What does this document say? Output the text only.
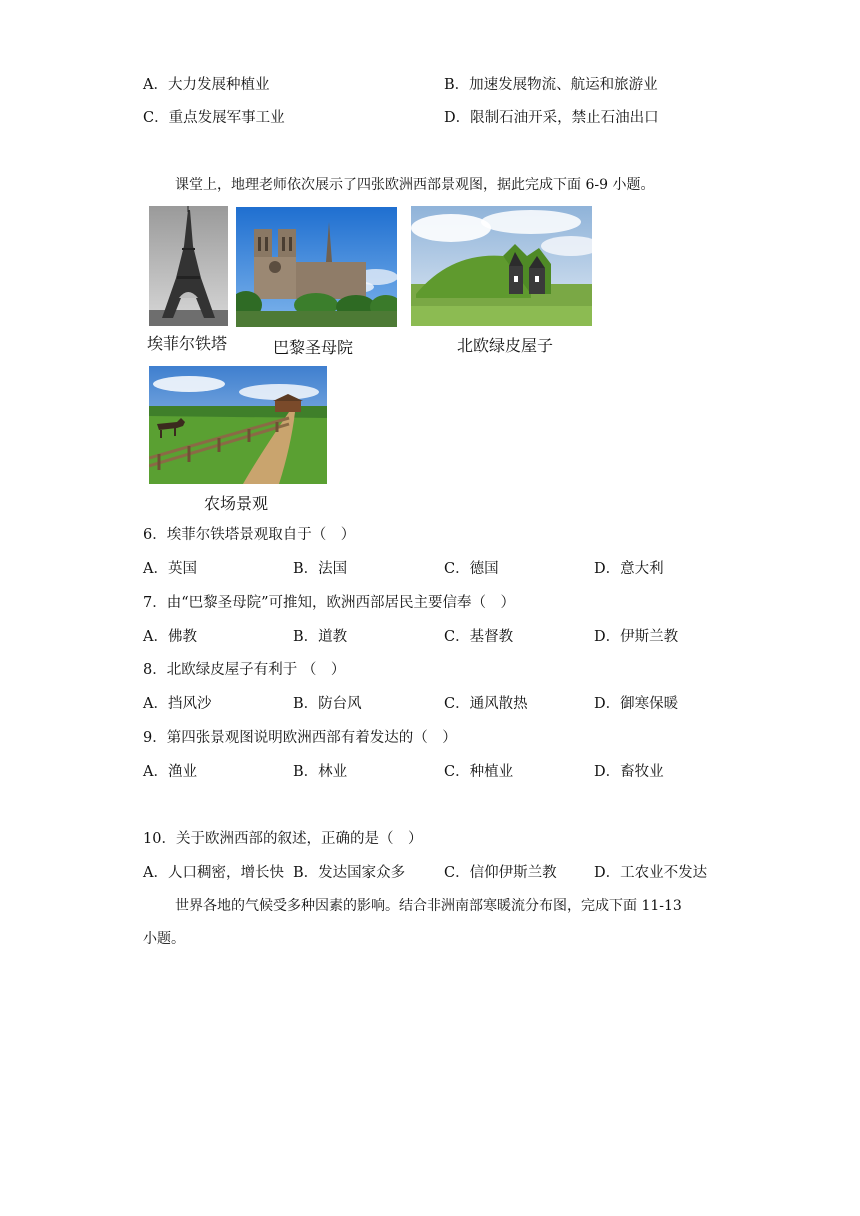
A．大力发展种植业	B．加速发展物流、航运和旅游业
C．重点发展军事工业	D．限制石油开采，禁止石油出口
课堂上，地理老师依次展示了四张欧洲西部景观图，据此完成下面 6-9 小题。
埃菲尔铁塔	巴黎圣母院	北欧绿皮屋子
农场景观
6．埃菲尔铁塔景观取自于（　）
A．英国	B．法国	C．德国	D．意大利
7．由“巴黎圣母院”可推知，欧洲西部居民主要信奉（　）
A．佛教	B．道教	C．基督教	D．伊斯兰教
8．北欧绿皮屋子有利于 （　）
A．挡风沙	B．防台风	C．通风散热	D．御寒保暖
9．第四张景观图说明欧洲西部有着发达的（　）
A．渔业	B．林业	C．种植业	D．畜牧业
10．关于欧洲西部的叙述，正确的是（　）
A．人口稠密，增长快 B．发达国家众多	C．信仰伊斯兰教	D．工农业不发达
世界各地的气候受多种因素的影响。结合非洲南部寒暖流分布图，完成下面 11-13
小题。
